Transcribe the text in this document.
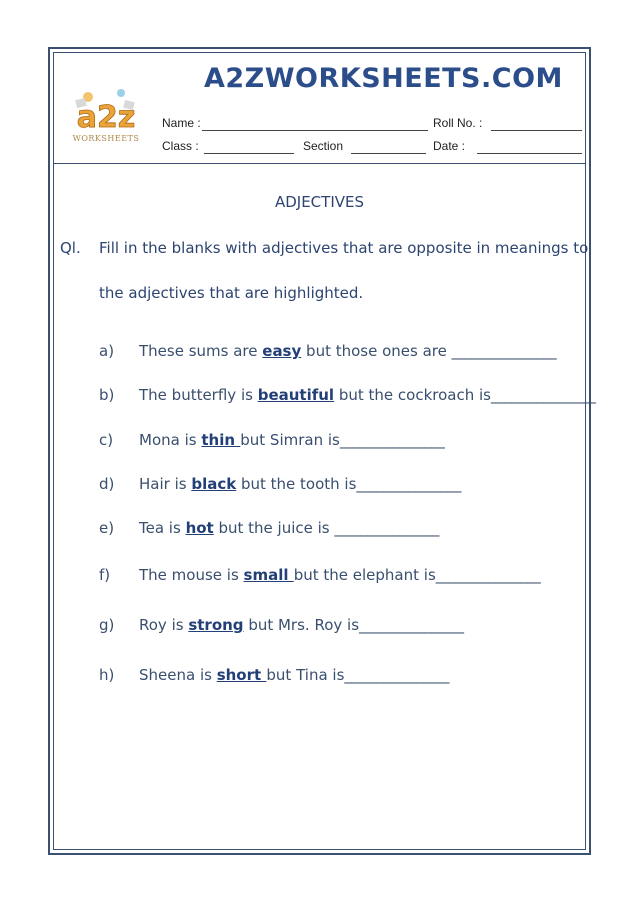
a2z
WORKSHEETS
A2ZWORKSHEETS.COM
Name :	Roll No. :
Class :	Section	Date :
ADJECTIVES
Ql. Fill in the blanks with adjectives that are opposite in meanings to
the adjectives that are highlighted.
a) These sums are easy but those ones are ________________
b) The butterfly is beautiful but the cockroach is________________
c) Mona is thin but Simran is________________
d) Hair is black but the tooth is________________
e) Tea is hot but the juice is ________________
f) The mouse is small but the elephant is________________
g) Roy is strong but Mrs. Roy is________________
h) Sheena is short but Tina is________________
